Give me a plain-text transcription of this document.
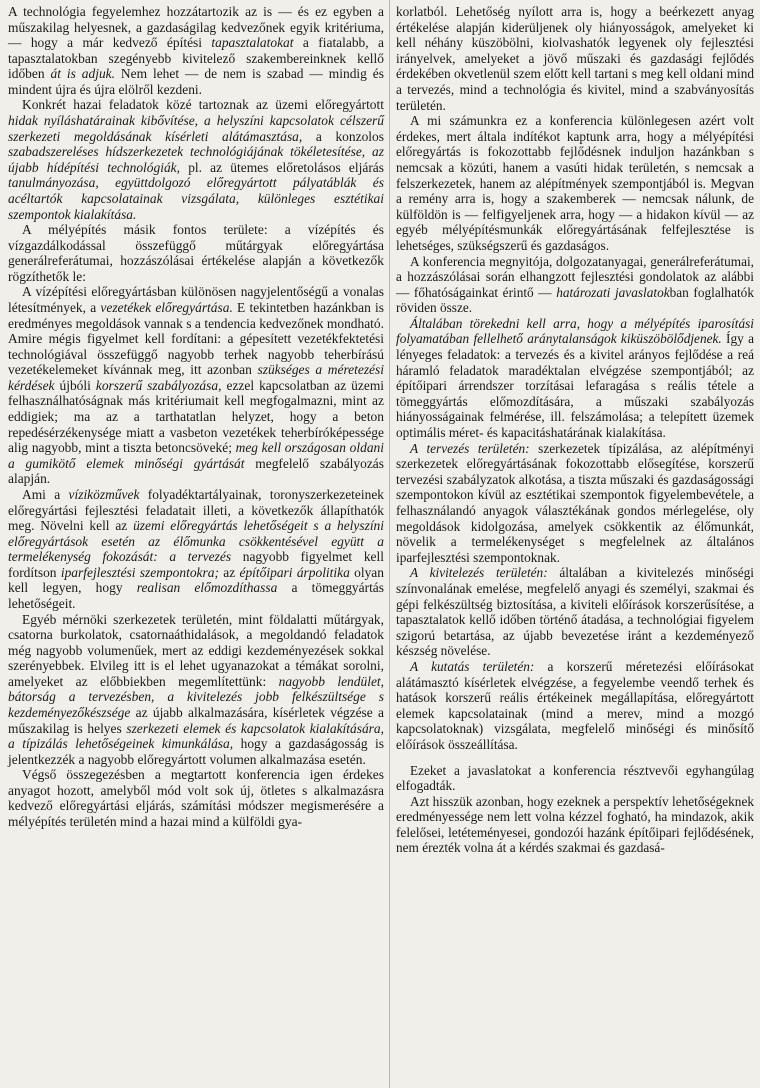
A technológia fegyelemhez hozzátartozik az is — és ez egyben a műszakilag helyesnek, a gazdaságilag kedvezőnek egyik kritériuma, — hogy a már kedvező építési tapasztalatokat a fiatalabb, a tapasztalatokban szegényebb kivitelező szakembereinknek kellő időben át is adjuk. Nem lehet — de nem is szabad — mindig és mindent újra és újra elölről kezdeni.

Konkrét hazai feladatok közé tartoznak az üzemi előregyártott hidak nyíláshatárainak kibővítése, a helyszíni kapcsolatok célszerű szerkezeti megoldásának kísérleti alátámasztása, a konzolos szabadszereléses hídszerkezetek technológiájának tökéletesítése, az újabb hídépítési technológiák, pl. az ütemes előretolásos eljárás tanulmányozása, együttdolgozó előregyártott pályatáblák és acéltartók kapcsolatainak vizsgálata, különleges esztétikai szempontok kialakítása.

A mélyépítés másik fontos területe: a vízépítés és vízgazdálkodással összefüggő műtárgyak előregyártása generálreferátumai, hozzászólásai értékelése alapján a következők rögzíthetők le:

A vízépítési előregyártásban különösen nagyjelentőségű a vonalas létesítmények, a vezetékek előregyártása. E tekintetben hazánkban is eredményes megoldások vannak s a tendencia kedvezőnek mondható. Amire mégis figyelmet kell fordítani: a gépesített vezetékfektetési technológiával összefüggő nagyobb terhek nagyobb teherbírású vezetékelemeket kívánnak meg, itt azonban szükséges a méretezési kérdések újbóli korszerű szabályozása, ezzel kapcsolatban az üzemi felhasználhatóságnak más kritériumait kell megfogalmazni, mint az eddigiek; ma az a tarthatatlan helyzet, hogy a beton repedésérzékenysége miatt a vasbeton vezetékek teherbíróképessége alig nagyobb, mint a tiszta betoncsöveké; meg kell országosan oldani a gumikötő elemek minőségi gyártását megfelelő szabályozás alapján.

Ami a víziközművek folyadéktartályainak, toronyszerkezeteinek előregyártási fejlesztési feladatait illeti, a következők állapíthatók meg. Növelni kell az üzemi előregyártás lehetőségeit s a helyszíni előregyártások esetén az élőmunka csökkentésével együtt a termelékenység fokozását: a tervezés nagyobb figyelmet kell fordítson iparfejlesztési szempontokra; az építőipari árpolitika olyan kell legyen, hogy realisan előmozdíthassa a tömeggyártás lehetőségeit.

Egyéb mérnöki szerkezetek területén, mint földalatti műtárgyak, csatorna burkolatok, csatornaáthidalások, a megoldandó feladatok még nagyobb volumenűek, mert az eddigi kezdeményezések sokkal szerényebbek. Elvileg itt is el lehet ugyanazokat a témákat sorolni, amelyeket az előbbiekben megemlítettünk: nagyobb lendület, bátorság a tervezésben, a kivitelezés jobb felkészültsége s kezdeményezőkészsége az újabb alkalmazására, kísérletek végzése a műszakilag is helyes szerkezeti elemek és kapcsolatok kialakítására, a típizálás lehetőségeinek kimunkálása, hogy a gazdaságosság is jelentkezzék a nagyobb előregyártott volumen alkalmazása esetén.

Végső összegezésben a megtartott konferencia igen érdekes anyagot hozott, amelyből mód volt sok új, ötletes s alkalmazásra kedvező előregyártási eljárás, számítási módszer megismerésére a mélyépítés területén mind a hazai mind a külföldi gya-

korlatból. Lehetőség nyílott arra is, hogy a beérkezett anyag értékelése alapján kiderüljenek oly hiányosságok, amelyeket ki kell néhány küszöbölni, kiolvashatók legyenek oly fejlesztési irányelvek, amelyeket a jövő műszaki és gazdasági fejlődés érdekében okvetlenül szem előtt kell tartani s meg kell oldani mind a tervezés, mind a technológia és kivitel, mind a szabványosítás területén.

A mi számunkra ez a konferencia különlegesen azért volt érdekes, mert általa indítékot kaptunk arra, hogy a mélyépítési előregyártás is fokozottabb fejlődésnek induljon hazánkban s nemcsak a közúti, hanem a vasúti hidak területén, s nemcsak a felszerkezetek, hanem az alépítmények szempontjából is. Megvan a remény arra is, hogy a szakemberek — nemcsak nálunk, de külföldön is — felfigyeljenek arra, hogy — a hidakon kívül — az egyéb mélyépítésmunkák előregyártásának felfejlesztése is lehetséges, szükségszerű és gazdaságos.

A konferencia megnyitója, dolgozatanyagai, generálreferátumai, a hozzászólásai során elhangzott fejlesztési gondolatok az alábbi — főhatóságainkat érintő — határozati javaslatokban foglalhatók röviden össze.

Általában törekedni kell arra, hogy a mélyépítés iparosítási folyamatában fellelhető aránytalanságok kiküszöbölődjenek. Így a lényeges feladatok: a tervezés és a kivitel arányos fejlődése a reá háramló feladatok maradéktalan elvégzése szempontjából; az építőipari árrendszer torzításai lefaragása s reális tétele a tömeggyártás előmozdítására, a műszaki szabályozás hiányosságainak felmérése, ill. felszámolása; a telepített üzemek optimális méret- és kapacitáshatárának kialakítása.

A tervezés területén: szerkezetek típizálása, az alépítményi szerkezetek előregyártásának fokozottabb elősegítése, korszerű tervezési szabályzatok alkotása, a tiszta műszaki és gazdaságossági szempontokon kívül az esztétikai szempontok figyelembevétele, a felhasználandó anyagok választékának gondos mérlegelése, oly megoldások kidolgozása, amelyek csökkentik az élőmunkát, növelik a termelékenységet s megfelelnek az általános iparfejlesztési szempontoknak.

A kivitelezés területén: általában a kivitelezés minőségi színvonalának emelése, megfelelő anyagi és személyi, szakmai és gépi felkészültség biztosítása, a kiviteli előírások korszerűsítése, a tapasztalatok kellő időben történő átadása, a technológiai figyelem szigorú betartása, az újabb bevezetése iránt a kezdeményező készség növelése.

A kutatás területén: a korszerű méretezési előírásokat alátámasztó kísérletek elvégzése, a fegyelembe veendő terhek és hatások korszerű reális értékeinek megállapítása, előregyártott elemek kapcsolatainak (mind a merev, mind a mozgó kapcsolatoknak) vizsgálata, megfelelő minőségi és minősítő előírások összeállítása.

Ezeket a javaslatokat a konferencia résztvevői egyhangúlag elfogadták.

Azt hisszük azonban, hogy ezeknek a perspektív lehetőségeknek eredményessége nem lett volna kézzel fogható, ha mindazok, akik felelősei, letéteményesei, gondozói hazánk építőipari fejlődésének, nem érezték volna át a kérdés szakmai és gazdasá-
